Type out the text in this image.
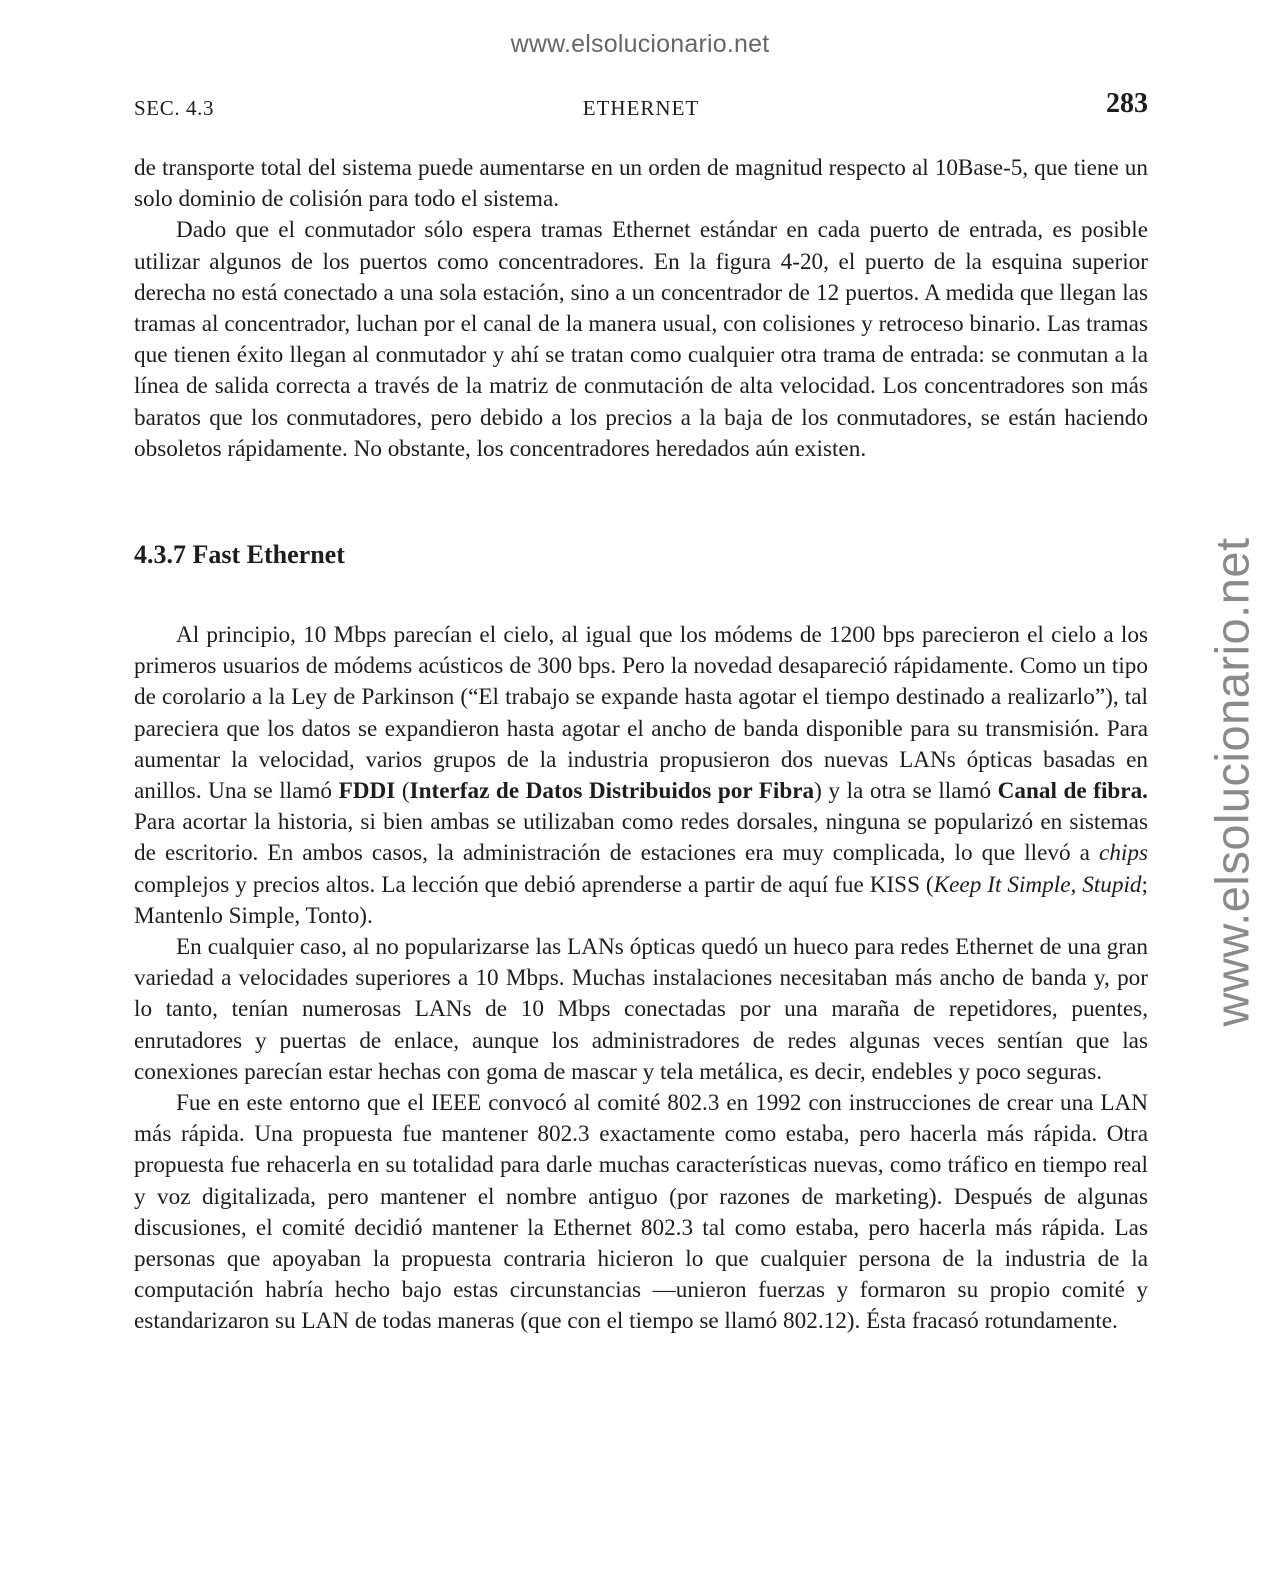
www.elsolucionario.net
www.elsolucionario.net
SEC. 4.3	ETHERNET	283

de transporte total del sistema puede aumentarse en un orden de magnitud respecto al 10Base-5, que tiene un solo dominio de colisión para todo el sistema.

Dado que el conmutador sólo espera tramas Ethernet estándar en cada puerto de entrada, es posible utilizar algunos de los puertos como concentradores. En la figura 4-20, el puerto de la esquina superior derecha no está conectado a una sola estación, sino a un concentrador de 12 puertos. A medida que llegan las tramas al concentrador, luchan por el canal de la manera usual, con colisiones y retroceso binario. Las tramas que tienen éxito llegan al conmutador y ahí se tratan como cualquier otra trama de entrada: se conmutan a la línea de salida correcta a través de la matriz de conmutación de alta velocidad. Los concentradores son más baratos que los conmutadores, pero debido a los precios a la baja de los conmutadores, se están haciendo obsoletos rápidamente. No obstante, los concentradores heredados aún existen.

4.3.7 Fast Ethernet

Al principio, 10 Mbps parecían el cielo, al igual que los módems de 1200 bps parecieron el cielo a los primeros usuarios de módems acústicos de 300 bps. Pero la novedad desapareció rápidamente. Como un tipo de corolario a la Ley de Parkinson (“El trabajo se expande hasta agotar el tiempo destinado a realizarlo”), tal pareciera que los datos se expandieron hasta agotar el ancho de banda disponible para su transmisión. Para aumentar la velocidad, varios grupos de la industria propusieron dos nuevas LANs ópticas basadas en anillos. Una se llamó FDDI (Interfaz de Datos Distribuidos por Fibra) y la otra se llamó Canal de fibra. Para acortar la historia, si bien ambas se utilizaban como redes dorsales, ninguna se popularizó en sistemas de escritorio. En ambos casos, la administración de estaciones era muy complicada, lo que llevó a chips complejos y precios altos. La lección que debió aprenderse a partir de aquí fue KISS (Keep It Simple, Stupid; Mantenlo Simple, Tonto).

En cualquier caso, al no popularizarse las LANs ópticas quedó un hueco para redes Ethernet de una gran variedad a velocidades superiores a 10 Mbps. Muchas instalaciones necesitaban más ancho de banda y, por lo tanto, tenían numerosas LANs de 10 Mbps conectadas por una maraña de repetidores, puentes, enrutadores y puertas de enlace, aunque los administradores de redes algunas veces sentían que las conexiones parecían estar hechas con goma de mascar y tela metálica, es decir, endebles y poco seguras.

Fue en este entorno que el IEEE convocó al comité 802.3 en 1992 con instrucciones de crear una LAN más rápida. Una propuesta fue mantener 802.3 exactamente como estaba, pero hacerla más rápida. Otra propuesta fue rehacerla en su totalidad para darle muchas características nuevas, como tráfico en tiempo real y voz digitalizada, pero mantener el nombre antiguo (por razones de marketing). Después de algunas discusiones, el comité decidió mantener la Ethernet 802.3 tal como estaba, pero hacerla más rápida. Las personas que apoyaban la propuesta contraria hicieron lo que cualquier persona de la industria de la computación habría hecho bajo estas circunstancias —unieron fuerzas y formaron su propio comité y estandarizaron su LAN de todas maneras (que con el tiempo se llamó 802.12). Ésta fracasó rotundamente.
